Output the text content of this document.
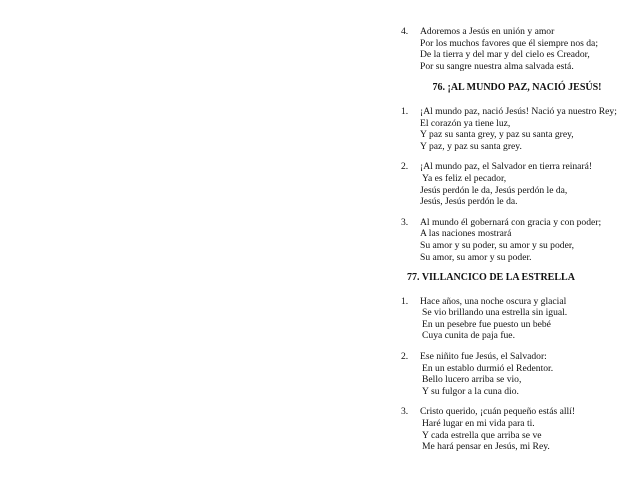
4. Adoremos a Jesús en unión y amor
Por los muchos favores que él siempre nos da;
De la tierra y del mar y del cielo es Creador,
Por su sangre nuestra alma salvada está.
76. ¡AL MUNDO PAZ, NACIÓ JESÚS!
1. ¡Al mundo paz, nació Jesús! Nació ya nuestro Rey;
El corazón ya tiene luz,
Y paz su santa grey, y paz su santa grey,
Y paz, y paz su santa grey.
2. ¡Al mundo paz, el Salvador en tierra reinará!
Ya es feliz el pecador,
Jesús perdón le da, Jesús perdón le da,
Jesús, Jesús perdón le da.
3. Al mundo él gobernará con gracia y con poder;
A las naciones mostrará
Su amor y su poder, su amor y su poder,
Su amor, su amor y su poder.
77. VILLANCICO DE LA ESTRELLA
1. Hace años, una noche oscura y glacial
Se vio brillando una estrella sin igual.
En un pesebre fue puesto un bebé
Cuya cunita de paja fue.
2. Ese niñito fue Jesús, el Salvador:
En un establo durmió el Redentor.
Bello lucero arriba se vio,
Y su fulgor a la cuna dio.
3. Cristo querido, ¡cuán pequeño estás allí!
Haré lugar en mi vida para ti.
Y cada estrella que arriba se ve
Me hará pensar en Jesús, mi Rey.
